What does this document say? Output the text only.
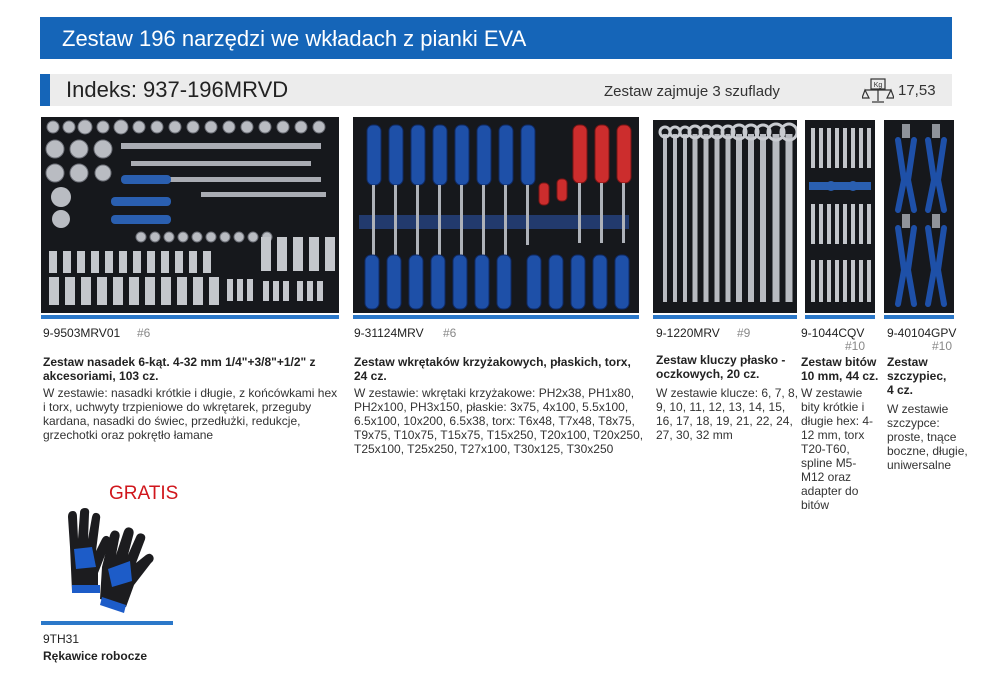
Zestaw 196 narzędzi we wkładach z pianki EVA
Indeks: 937-196MRVD	Zestaw zajmuje 3 szuflady	Kg 17,53
9-9503MRV01 #6
Zestaw nasadek 6-kąt. 4-32 mm 1/4"+3/8"+1/2" z akcesoriami, 103 cz.
W zestawie: nasadki krótkie i długie, z końcówkami hex i torx, uchwyty trzpieniowe do wkrętarek, przeguby kardana, nasadki do świec, przedłużki, redukcje, grzechotki oraz pokrętło łamane
9-31124MRV #6
Zestaw wkrętaków krzyżakowych, płaskich, torx, 24 cz.
W zestawie: wkrętaki krzyżakowe: PH2x38, PH1x80, PH2x100, PH3x150, płaskie: 3x75, 4x100, 5.5x100, 6.5x100, 10x200, 6.5x38, torx: T6x48, T7x48, T8x75, T9x75, T10x75, T15x75, T15x250, T20x100, T20x250, T25x100, T25x250, T27x100, T30x125, T30x250
9-1220MRV #9
Zestaw kluczy płasko - oczkowych, 20 cz.
W zestawie klucze: 6, 7, 8, 9, 10, 11, 12, 13, 14, 15, 16, 17, 18, 19, 21, 22, 24, 27, 30, 32 mm
9-1044CQV
#10
Zestaw bitów 10 mm, 44 cz.
W zestawie bity krótkie i długie hex: 4-12 mm, torx T20-T60, spline M5-M12 oraz adapter do bitów
9-40104GPV
#10
Zestaw szczypiec, 4 cz.
W zestawie szczypce: proste, tnące boczne, długie, uniwersalne
GRATIS
9TH31
Rękawice robocze
